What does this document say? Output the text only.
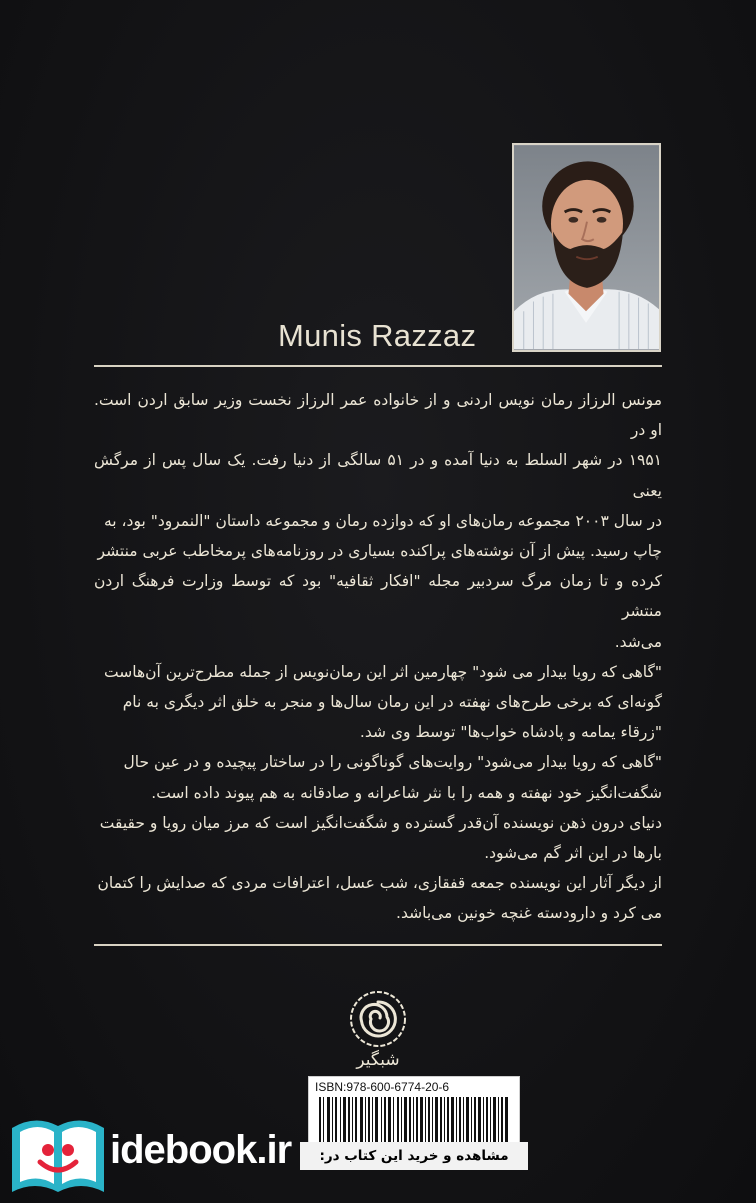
Munis Razzaz

مونس الرزاز رمان نویس اردنی و از خانواده عمر الرزاز نخست وزیر سابق اردن است. او در

۱۹۵۱ در شهر السلط به دنیا آمده و در ۵۱ سالگی از دنیا رفت. یک سال پس از مرگش یعنی

در سال ۲۰۰۳ مجموعه رمان‌های او که دوازده رمان و مجموعه داستان "النمرود" بود، به

چاپ رسید. پیش از آن نوشته‌های پراکنده بسیاری در روزنامه‌های پرمخاطب عربی منتشر

کرده و تا زمان مرگ سردبیر مجله "افکار ثقافیه" بود که توسط وزارت فرهنگ اردن منتشر

می‌شد.

"گاهی که رویا بیدار می شود" چهارمین اثر این رمان‌نویس از جمله مطرح‌ترین آن‌هاست

گونه‌ای که برخی طرح‌های نهفته در این رمان سال‌ها و منجر به خلق اثر دیگری به نام

"زرقاء یمامه و پادشاه خواب‌ها" توسط وی شد.

"گاهی که رویا بیدار می‌شود" روایت‌های گوناگونی را در ساختار پیچیده و در عین حال

شگفت‌انگیز خود نهفته و همه را با نثر شاعرانه و صادقانه به هم پیوند داده است.

دنیای درون ذهن نویسنده آن‌قدر گسترده و شگفت‌انگیز است که مرز میان رویا و حقیقت

بارها در این اثر گم می‌شود.

از دیگر آثار این نویسنده جمعه قفقازی، شب عسل، اعترافات مردی که صدایش را کتمان

می کرد و دارودسته غنچه خونین می‌باشد.

شبگیر
ISBN:978-600-6774-20-6
idebook.ir	مشاهده و خرید این کتاب در:
